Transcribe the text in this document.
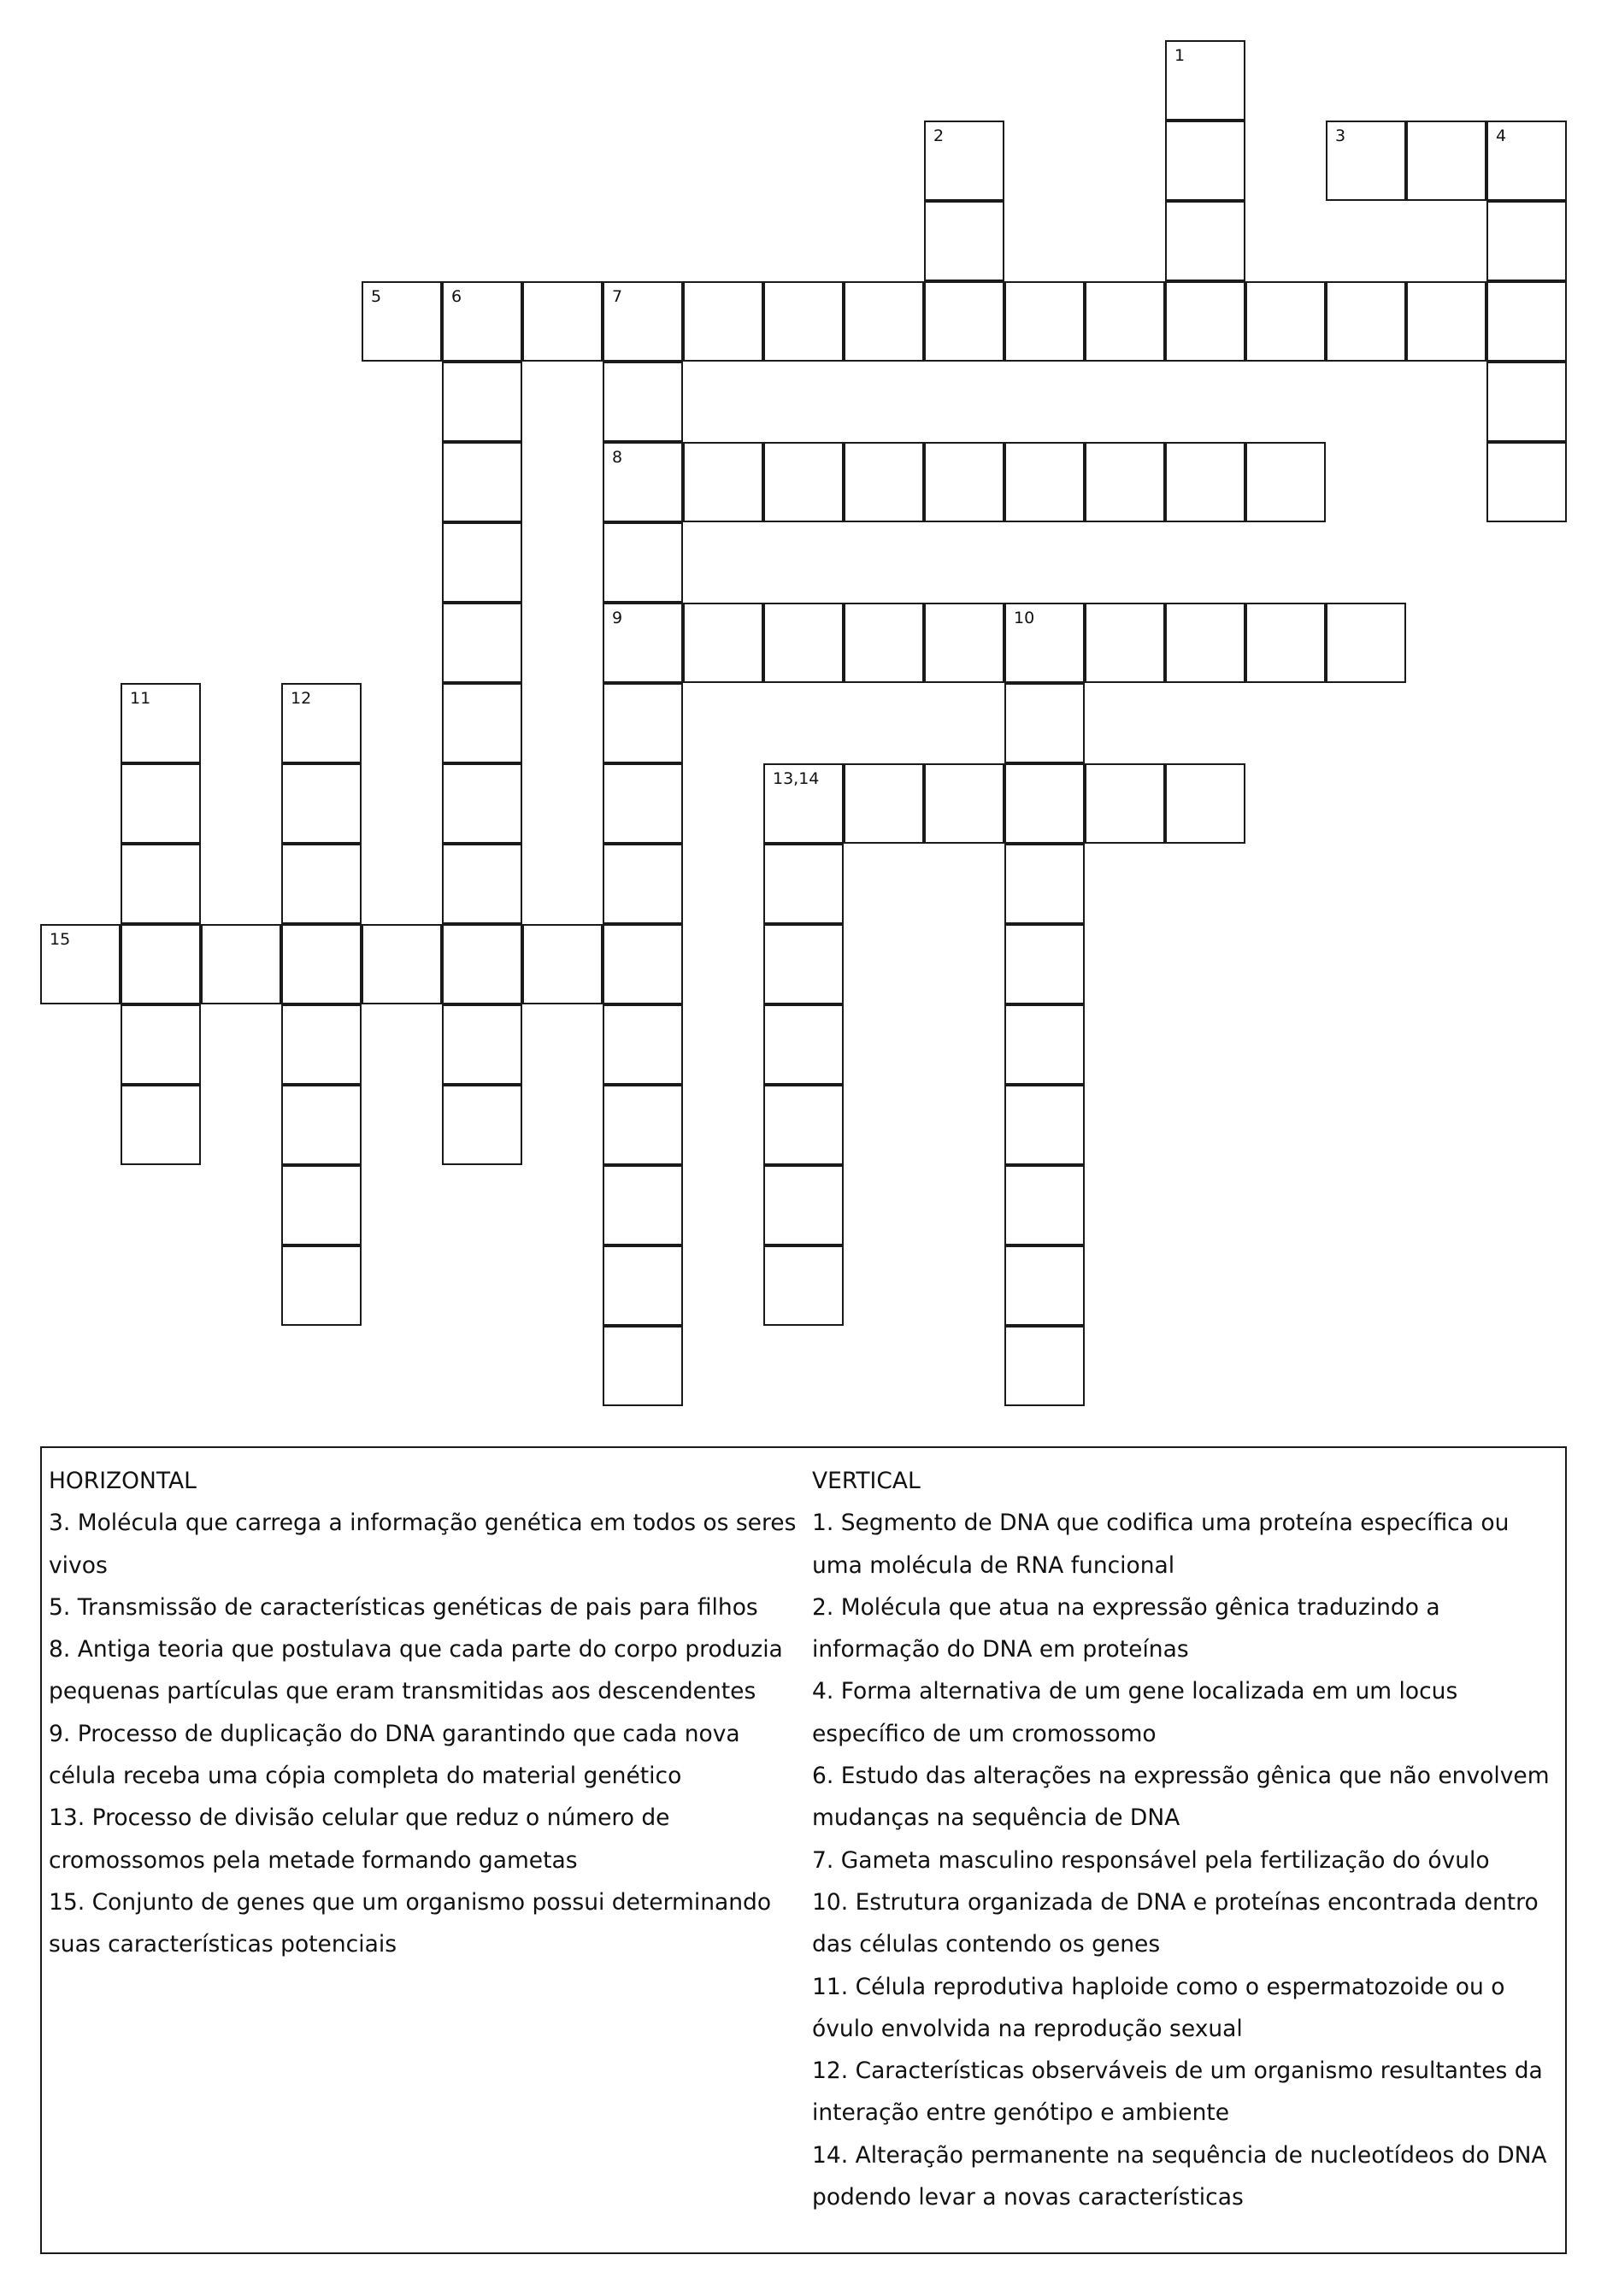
1
2	3	4
5	6	7
8
9	10
11	12
13,14
15
HORIZONTAL
3. Molécula que carrega a informação genética em todos os seres vivos
5. Transmissão de características genéticas de pais para filhos
8. Antiga teoria que postulava que cada parte do corpo produzia pequenas partículas que eram transmitidas aos descendentes
9. Processo de duplicação do DNA garantindo que cada nova célula receba uma cópia completa do material genético
13. Processo de divisão celular que reduz o número de cromossomos pela metade formando gametas
15. Conjunto de genes que um organismo possui determinando suas características potenciais
VERTICAL
1. Segmento de DNA que codifica uma proteína específica ou uma molécula de RNA funcional
2. Molécula que atua na expressão gênica traduzindo a informação do DNA em proteínas
4. Forma alternativa de um gene localizada em um locus específico de um cromossomo
6. Estudo das alterações na expressão gênica que não envolvem mudanças na sequência de DNA
7. Gameta masculino responsável pela fertilização do óvulo
10. Estrutura organizada de DNA e proteínas encontrada dentro das células contendo os genes
11. Célula reprodutiva haploide como o espermatozoide ou o óvulo envolvida na reprodução sexual
12. Características observáveis de um organismo resultantes da interação entre genótipo e ambiente
14. Alteração permanente na sequência de nucleotídeos do DNA podendo levar a novas características
